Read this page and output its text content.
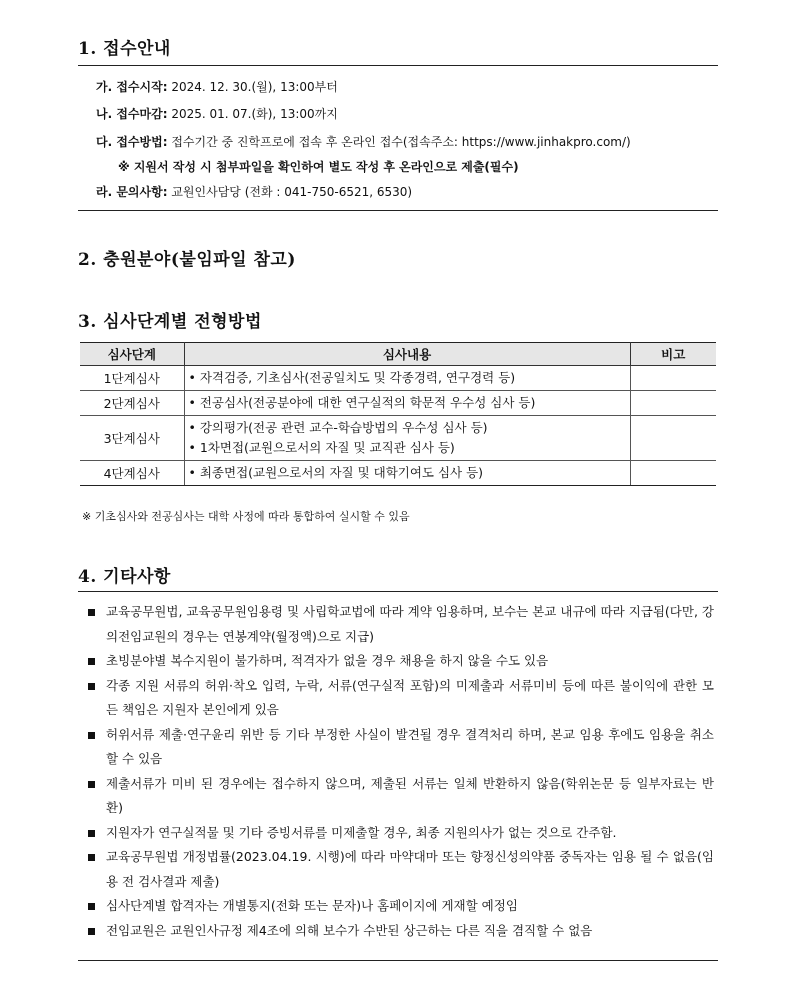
1. 접수안내
가. 접수시작: 2024. 12. 30.(월), 13:00부터
나. 접수마감: 2025. 01. 07.(화), 13:00까지
다. 접수방법: 접수기간 중 진학프로에 접속 후 온라인 접수(접속주소: https://www.jinhakpro.com/)
※ 지원서 작성 시 첨부파일을 확인하여 별도 작성 후 온라인으로 제출(필수)
라. 문의사항: 교원인사담당 (전화 : 041-750-6521, 6530)
2. 충원분야(붙임파일 참고)
3. 심사단계별 전형방법
심사단계	심사내용	비고
1단계심사	• 자격검증, 기초심사(전공일치도 및 각종경력, 연구경력 등)	

2단계심사	• 전공심사(전공분야에 대한 연구실적의 학문적 우수성 심사 등)	

3단계심사	• 강의평가(전공 관련 교수-학습방법의 우수성 심사 등)
• 1차면접(교원으로서의 자질 및 교직관 심사 등)	

4단계심사	• 최종면접(교원으로서의 자질 및 대학기여도 심사 등)	

※ 기초심사와 전공심사는 대학 사정에 따라 통합하여 실시할 수 있음
4. 기타사항
교육공무원법, 교육공무원임용령 및 사립학교법에 따라 계약 임용하며, 보수는 본교 내규에 따라 지급됨(다만, 강의전임교원의 경우는 연봉계약(월정액)으로 지급)
초빙분야별 복수지원이 불가하며, 적격자가 없을 경우 채용을 하지 않을 수도 있음
각종 지원 서류의 허위·착오 입력, 누락, 서류(연구실적 포함)의 미제출과 서류미비 등에 따른 불이익에 관한 모든 책임은 지원자 본인에게 있음
허위서류 제출·연구윤리 위반 등 기타 부정한 사실이 발견될 경우 결격처리 하며, 본교 임용 후에도 임용을 취소할 수 있음
제출서류가 미비 된 경우에는 접수하지 않으며, 제출된 서류는 일체 반환하지 않음(학위논문 등 일부자료는 반환)
지원자가 연구실적물 및 기타 증빙서류를 미제출할 경우, 최종 지원의사가 없는 것으로 간주함.
교육공무원법 개정법률(2023.04.19. 시행)에 따라 마약대마 또는 향정신성의약품 중독자는 임용 될 수 없음(임용 전 검사결과 제출)
심사단계별 합격자는 개별통지(전화 또는 문자)나 홈페이지에 게재할 예정임
전임교원은 교원인사규정 제4조에 의해 보수가 수반된 상근하는 다른 직을 겸직할 수 없음
